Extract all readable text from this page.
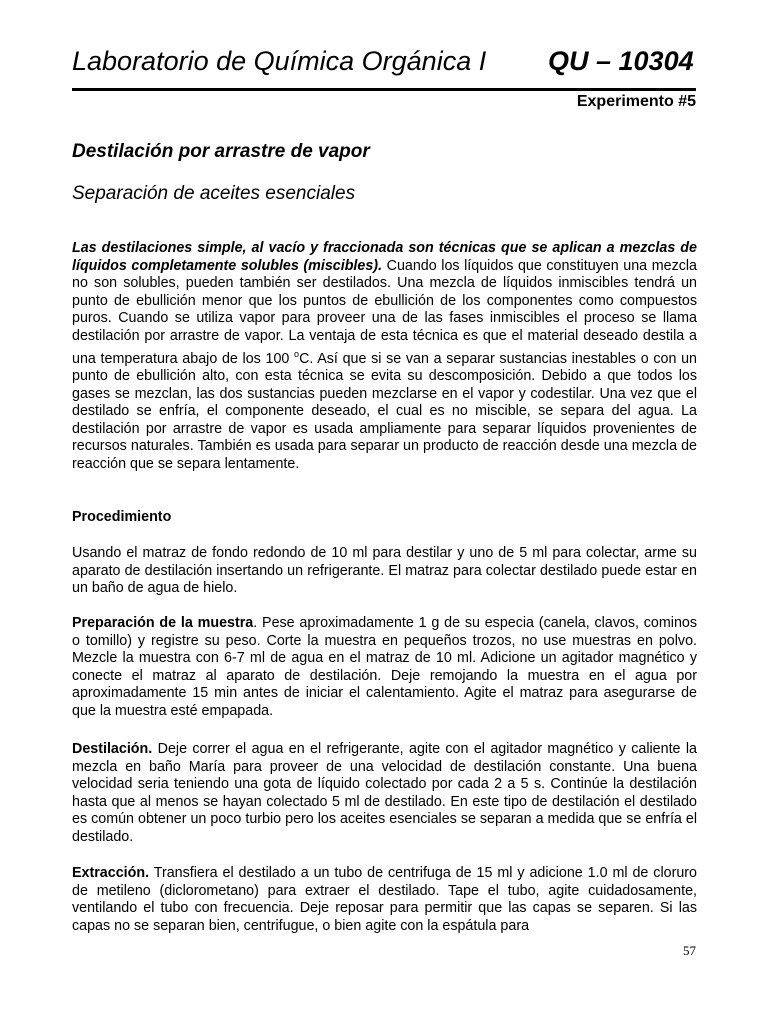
Laboratorio de Química Orgánica I QU – 10304
Experimento #5
Destilación por arrastre de vapor
Separación de aceites esenciales
Las destilaciones simple, al vacío y fraccionada son técnicas que se aplican a mezclas de líquidos completamente solubles (miscibles). Cuando los líquidos que constituyen una mezcla no son solubles, pueden también ser destilados. Una mezcla de líquidos inmiscibles tendrá un punto de ebullición menor que los puntos de ebullición de los componentes como compuestos puros. Cuando se utiliza vapor para proveer una de las fases inmiscibles el proceso se llama destilación por arrastre de vapor. La ventaja de esta técnica es que el material deseado destila a una temperatura abajo de los 100 $^o$C. Así que si se van a separar sustancias inestables o con un punto de ebullición alto, con esta técnica se evita su descomposición. Debido a que todos los gases se mezclan, las dos sustancias pueden mezclarse en el vapor y codestilar. Una vez que el destilado se enfría, el componente deseado, el cual es no miscible, se separa del agua. La destilación por arrastre de vapor es usada ampliamente para separar líquidos provenientes de recursos naturales. También es usada para separar un producto de reacción desde una mezcla de reacción que se separa lentamente.
Procedimiento
Usando el matraz de fondo redondo de 10 ml para destilar y uno de 5 ml para colectar, arme su aparato de destilación insertando un refrigerante. El matraz para colectar destilado puede estar en un baño de agua de hielo.
Preparación de la muestra. Pese aproximadamente 1 g de su especia (canela, clavos, cominos o tomillo) y registre su peso. Corte la muestra en pequeños trozos, no use muestras en polvo. Mezcle la muestra con 6-7 ml de agua en el matraz de 10 ml. Adicione un agitador magnético y conecte el matraz al aparato de destilación. Deje remojando la muestra en el agua por aproximadamente 15 min antes de iniciar el calentamiento. Agite el matraz para asegurarse de que la muestra esté empapada.
Destilación. Deje correr el agua en el refrigerante, agite con el agitador magnético y caliente la mezcla en baño María para proveer de una velocidad de destilación constante. Una buena velocidad seria teniendo una gota de líquido colectado por cada 2 a 5 s. Continúe la destilación hasta que al menos se hayan colectado 5 ml de destilado. En este tipo de destilación el destilado es común obtener un poco turbio pero los aceites esenciales se separan a medida que se enfría el destilado.
Extracción. Transfiera el destilado a un tubo de centrifuga de 15 ml y adicione 1.0 ml de cloruro de metileno (diclorometano) para extraer el destilado. Tape el tubo, agite cuidadosamente, ventilando el tubo con frecuencia. Deje reposar para permitir que las capas se separen. Si las capas no se separan bien, centrifugue, o bien agite con la espátula para
57
